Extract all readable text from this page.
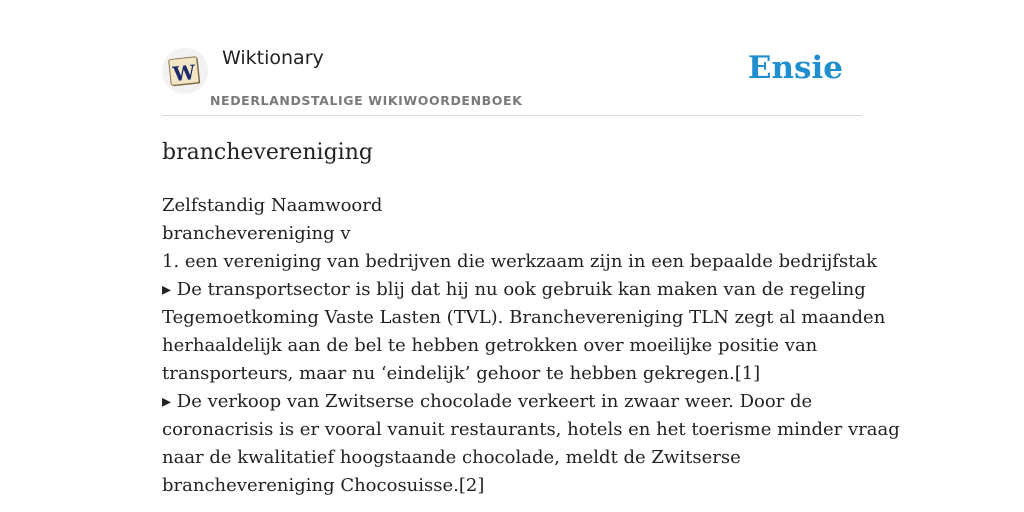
W
Wiktionary
NEDERLANDSTALIGE WIKIWOORDENBOEK
Ensie
branchevereniging
Zelfstandig Naamwoord
branchevereniging v
1. een vereniging van bedrijven die werkzaam zijn in een bepaalde bedrijfstak
▸ De transportsector is blij dat hij nu ook gebruik kan maken van de regeling
Tegemoetkoming Vaste Lasten (TVL). Branchevereniging TLN zegt al maanden
herhaaldelijk aan de bel te hebben getrokken over moeilijke positie van
transporteurs, maar nu ‘eindelijk’ gehoor te hebben gekregen.[1]
▸ De verkoop van Zwitserse chocolade verkeert in zwaar weer. Door de
coronacrisis is er vooral vanuit restaurants, hotels en het toerisme minder vraag
naar de kwalitatief hoogstaande chocolade, meldt de Zwitserse
branchevereniging Chocosuisse.[2]
